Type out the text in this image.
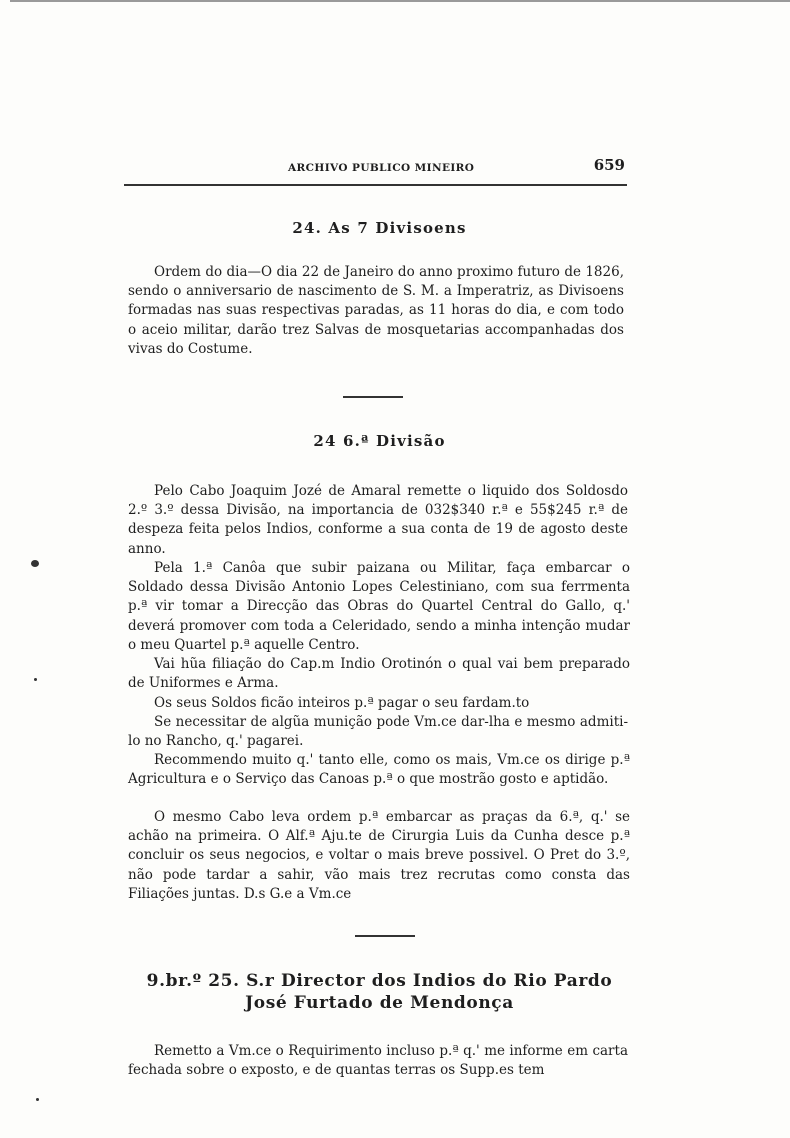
ARCHIVO PUBLICO MINEIRO	659
24. As 7 Divisoens

Ordem do dia—O dia 22 de Janeiro do anno proximo futuro de 1826, sendo o anniversario de nascimento de S. M. a Imperatriz, as Divisoens formadas nas suas respectivas paradas, as 11 horas do dia, e com todo o aceio militar, darão trez Salvas de mosquetarias accompanhadas dos vivas do Costume.

24 6.ª Divisão

Pelo Cabo Joaquim Jozé de Amaral remette o liquido dos Soldosdo 2.º 3.º dessa Divisão, na importancia de 032$340 r.ª e 55$245 r.ª de despeza feita pelos Indios, conforme a sua conta de 19 de agosto deste anno.

Pela 1.ª Canôa que subir paizana ou Militar, faça embarcar o Soldado dessa Divisão Antonio Lopes Celestiniano, com sua ferrmenta p.ª vir tomar a Direcção das Obras do Quartel Central do Gallo, q.' deverá promover com toda a Celeridado, sendo a minha intenção mudar o meu Quartel p.ª aquelle Centro.

Vai hũa filiação do Cap.m Indio Orotinón o qual vai bem preparado de Uniformes e Arma.

Os seus Soldos ficão inteiros p.ª pagar o seu fardam.to

Se necessitar de algũa munição pode Vm.ce dar-lha e mesmo admiti-lo no Rancho, q.' pagarei.

Recommendo muito q.' tanto elle, como os mais, Vm.ce os dirige p.ª Agricultura e o Serviço das Canoas p.ª o que mostrão gosto e aptidão.

O mesmo Cabo leva ordem p.ª embarcar as praças da 6.ª, q.' se achão na primeira. O Alf.ª Aju.te de Cirurgia Luis da Cunha desce p.ª concluir os seus negocios, e voltar o mais breve possivel. O Pret do 3.º, não pode tardar a sahir, vão mais trez recrutas como consta das Filiações juntas. D.s G.e a Vm.ce

9.br.º 25. S.r Director dos Indios do Rio Pardo José Furtado de Mendonça

Remetto a Vm.ce o Requirimento incluso p.ª q.' me informe em carta fechada sobre o exposto, e de quantas terras os Supp.es tem
